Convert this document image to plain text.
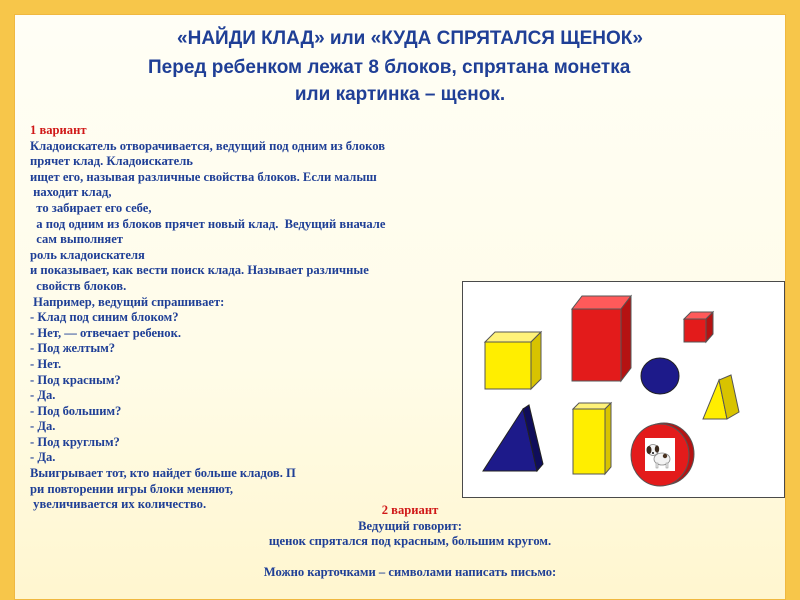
«НАЙДИ КЛАД» или «КУДА СПРЯТАЛСЯ ЩЕНОК»
Перед ребенком лежат 8 блоков, спрятана монетка
или картинка – щенок.
1 вариант
Кладоискатель отворачивается, ведущий под одним из блоков
прячет клад. Кладоискатель
ищет его, называя различные свойства блоков. Если малыш
находит клад,
то забирает его себе,
а под одним из блоков прячет новый клад.  Ведущий вначале
сам выполняет
роль кладоискателя
и показывает, как вести поиск клада. Называет различные
свойств блоков.
Например, ведущий спрашивает:
- Клад под синим блоком?
- Нет, — отвечает ребенок.
- Под желтым?
- Нет.
- Под красным?
- Да.
- Под большим?
- Да.
- Под круглым?
- Да.
Выигрывает тот, кто найдет больше кладов. П
ри повторении игры блоки меняют,
увеличивается их количество.	2 вариант
Ведущий говорит:
щенок спрятался под красным, большим кругом.
Можно карточками – символами написать письмо:
